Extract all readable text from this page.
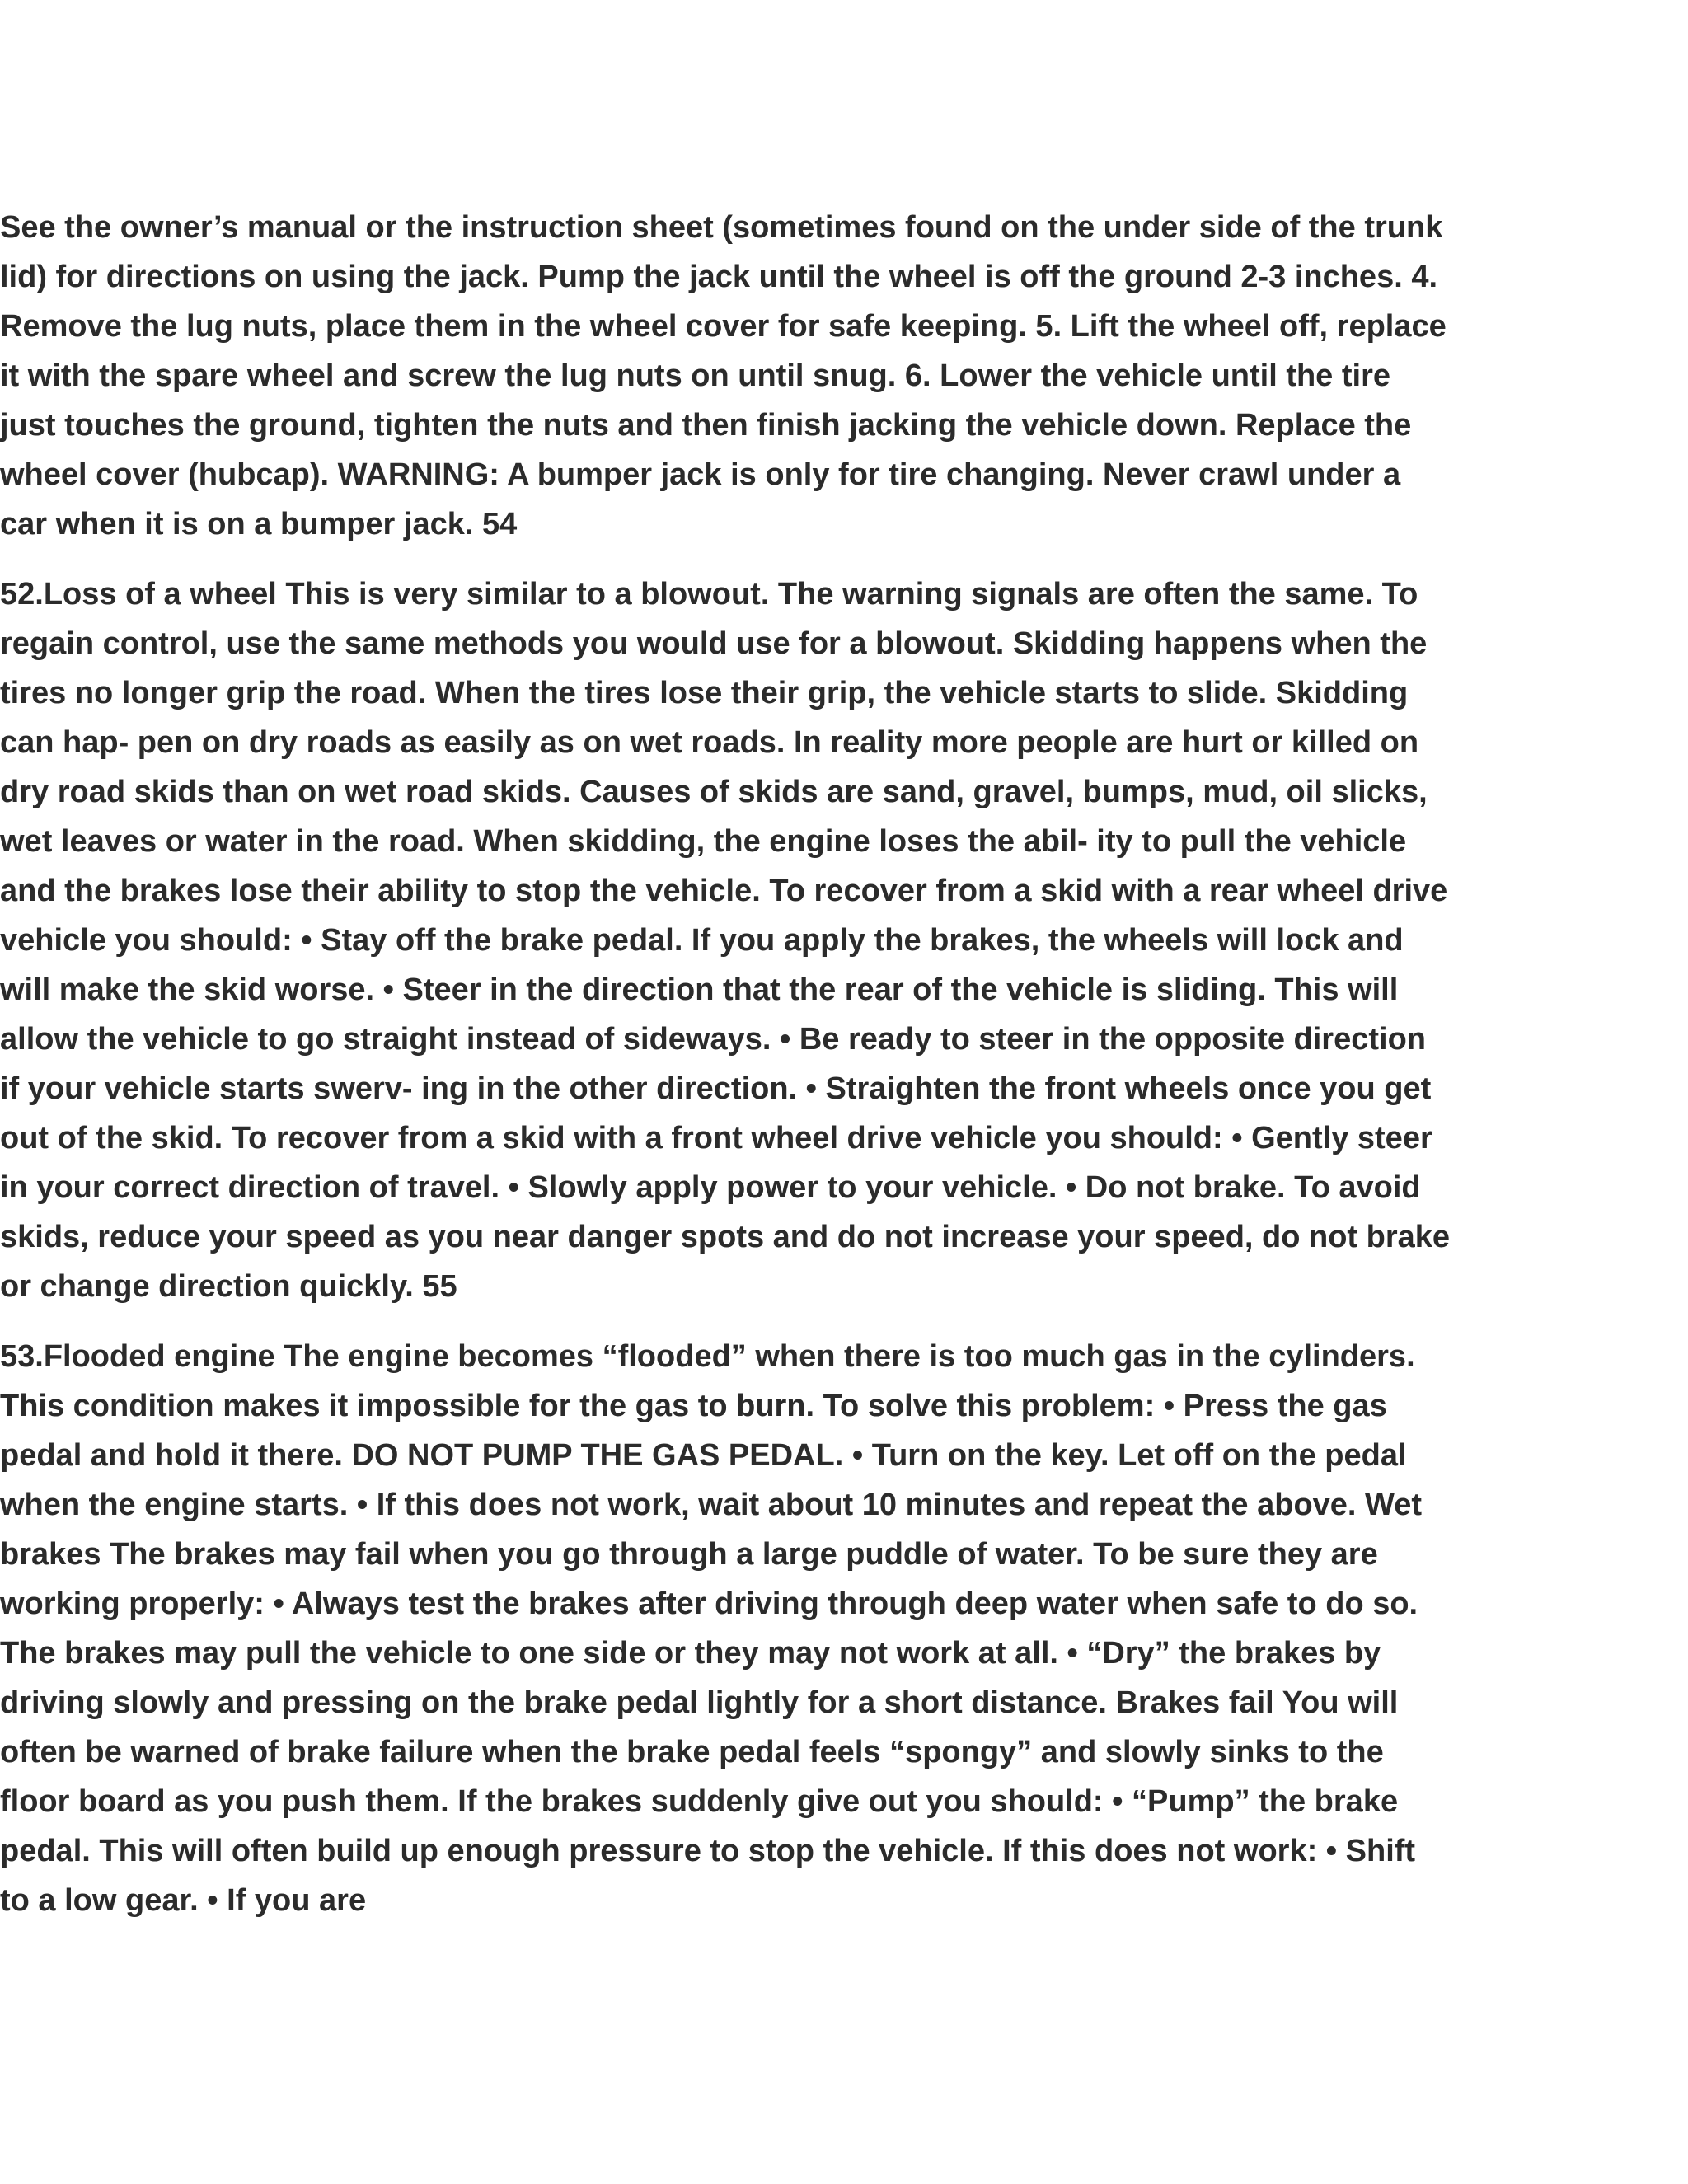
See the owner’s manual or the instruction sheet (sometimes found on the under side of the trunk lid) for directions on using the jack. Pump the jack until the wheel is off the ground 2-3 inches. 4. Remove the lug nuts, place them in the wheel cover for safe keeping. 5. Lift the wheel off, replace it with the spare wheel and screw the lug nuts on until snug. 6. Lower the vehicle until the tire just touches the ground, tighten the nuts and then finish jacking the vehicle down. Replace the wheel cover (hubcap). WARNING: A bumper jack is only for tire changing. Never crawl under a car when it is on a bumper jack. 54

52.Loss of a wheel This is very similar to a blowout. The warning signals are often the same. To regain control, use the same methods you would use for a blowout. Skidding happens when the tires no longer grip the road. When the tires lose their grip, the vehicle starts to slide. Skidding can hap- pen on dry roads as easily as on wet roads. In reality more people are hurt or killed on dry road skids than on wet road skids. Causes of skids are sand, gravel, bumps, mud, oil slicks, wet leaves or water in the road. When skidding, the engine loses the abil- ity to pull the vehicle and the brakes lose their ability to stop the vehicle. To recover from a skid with a rear wheel drive vehicle you should: • Stay off the brake pedal. If you apply the brakes, the wheels will lock and will make the skid worse. • Steer in the direction that the rear of the vehicle is sliding. This will allow the vehicle to go straight instead of sideways. • Be ready to steer in the opposite direction if your vehicle starts swerv- ing in the other direction. • Straighten the front wheels once you get out of the skid. To recover from a skid with a front wheel drive vehicle you should: • Gently steer in your correct direction of travel. • Slowly apply power to your vehicle. • Do not brake. To avoid skids, reduce your speed as you near danger spots and do not increase your speed, do not brake or change direction quickly. 55

53.Flooded engine The engine becomes “flooded” when there is too much gas in the cylinders. This condition makes it impossible for the gas to burn. To solve this problem: • Press the gas pedal and hold it there. DO NOT PUMP THE GAS PEDAL. • Turn on the key. Let off on the pedal when the engine starts. • If this does not work, wait about 10 minutes and repeat the above. Wet brakes The brakes may fail when you go through a large puddle of water. To be sure they are working properly: • Always test the brakes after driving through deep water when safe to do so. The brakes may pull the vehicle to one side or they may not work at all. • “Dry” the brakes by driving slowly and pressing on the brake pedal lightly for a short distance. Brakes fail You will often be warned of brake failure when the brake pedal feels “spongy” and slowly sinks to the floor board as you push them. If the brakes suddenly give out you should: • “Pump” the brake pedal. This will often build up enough pressure to stop the vehicle. If this does not work: • Shift to a low gear. • If you are
